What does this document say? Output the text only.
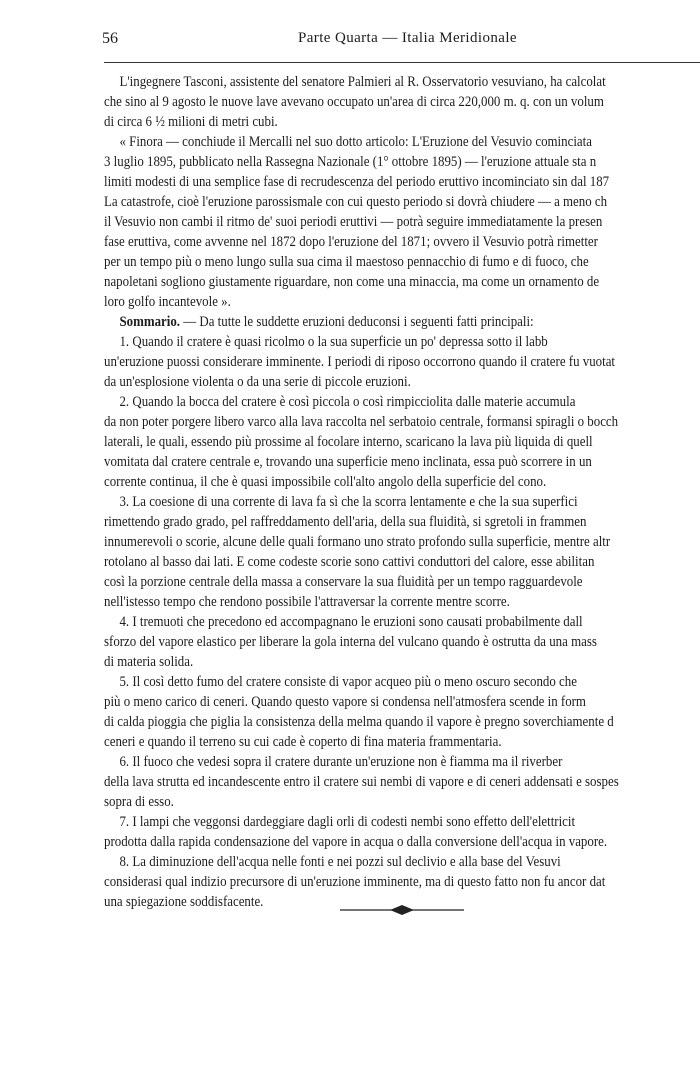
56	Parte Quarta — Italia Meridionale
L'ingegnere Tasconi, assistente del senatore Palmieri al R. Osservatorio vesuviano, ha calcolat
che sino al 9 agosto le nuove lave avevano occupato un'area di circa 220,000 m. q. con un volum
di circa 6 ½ milioni di metri cubi.
« Finora — conchiude il Mercalli nel suo dotto articolo: L'Eruzione del Vesuvio cominciata
3 luglio 1895, pubblicato nella Rassegna Nazionale (1° ottobre 1895) — l'eruzione attuale sta n
limiti modesti di una semplice fase di recrudescenza del periodo eruttivo incominciato sin dal 187
La catastrofe, cioè l'eruzione parossismale con cui questo periodo si dovrà chiudere — a meno ch
il Vesuvio non cambi il ritmo de' suoi periodi eruttivi — potrà seguire immediatamente la presen
fase eruttiva, come avvenne nel 1872 dopo l'eruzione del 1871; ovvero il Vesuvio potrà rimetter
per un tempo più o meno lungo sulla sua cima il maestoso pennacchio di fumo e di fuoco, che
napoletani sogliono giustamente riguardare, non come una minaccia, ma come un ornamento de
loro golfo incantevole ».
Sommario. — Da tutte le suddette eruzioni deduconsi i seguenti fatti principali:
1. Quando il cratere è quasi ricolmo o la sua superficie un po' depressa sotto il labb
un'eruzione puossi considerare imminente. I periodi di riposo occorrono quando il cratere fu vuotat
da un'esplosione violenta o da una serie di piccole eruzioni.
2. Quando la bocca del cratere è così piccola o così rimpicciolita dalle materie accumula
da non poter porgere libero varco alla lava raccolta nel serbatoio centrale, formansi spiragli o bocch
laterali, le quali, essendo più prossime al focolare interno, scaricano la lava più liquida di quell
vomitata dal cratere centrale e, trovando una superficie meno inclinata, essa può scorrere in un
corrente continua, il che è quasi impossibile coll'alto angolo della superficie del cono.
3. La coesione di una corrente di lava fa sì che la scorra lentamente e che la sua superfici
rimettendo grado grado, pel raffreddamento dell'aria, della sua fluidità, si sgretoli in frammen
innumerevoli o scorie, alcune delle quali formano uno strato profondo sulla superficie, mentre altr
rotolano al basso dai lati. E come codeste scorie sono cattivi conduttori del calore, esse abilitan
così la porzione centrale della massa a conservare la sua fluidità per un tempo ragguardevole
nell'istesso tempo che rendono possibile l'attraversar la corrente mentre scorre.
4. I tremuoti che precedono ed accompagnano le eruzioni sono causati probabilmente dall
sforzo del vapore elastico per liberare la gola interna del vulcano quando è ostrutta da una mass
di materia solida.
5. Il così detto fumo del cratere consiste di vapor acqueo più o meno oscuro secondo che
più o meno carico di ceneri. Quando questo vapore si condensa nell'atmosfera scende in form
di calda pioggia che piglia la consistenza della melma quando il vapore è pregno soverchiamente d
ceneri e quando il terreno su cui cade è coperto di fina materia frammentaria.
6. Il fuoco che vedesi sopra il cratere durante un'eruzione non è fiamma ma il riverber
della lava strutta ed incandescente entro il cratere sui nembi di vapore e di ceneri addensati e sospes
sopra di esso.
7. I lampi che veggonsi dardeggiare dagli orli di codesti nembi sono effetto dell'elettricit
prodotta dalla rapida condensazione del vapore in acqua o dalla conversione dell'acqua in vapore.
8. La diminuzione dell'acqua nelle fonti e nei pozzi sul declivio e alla base del Vesuvi
considerasi qual indizio precursore di un'eruzione imminente, ma di questo fatto non fu ancor dat
una spiegazione soddisfacente.
